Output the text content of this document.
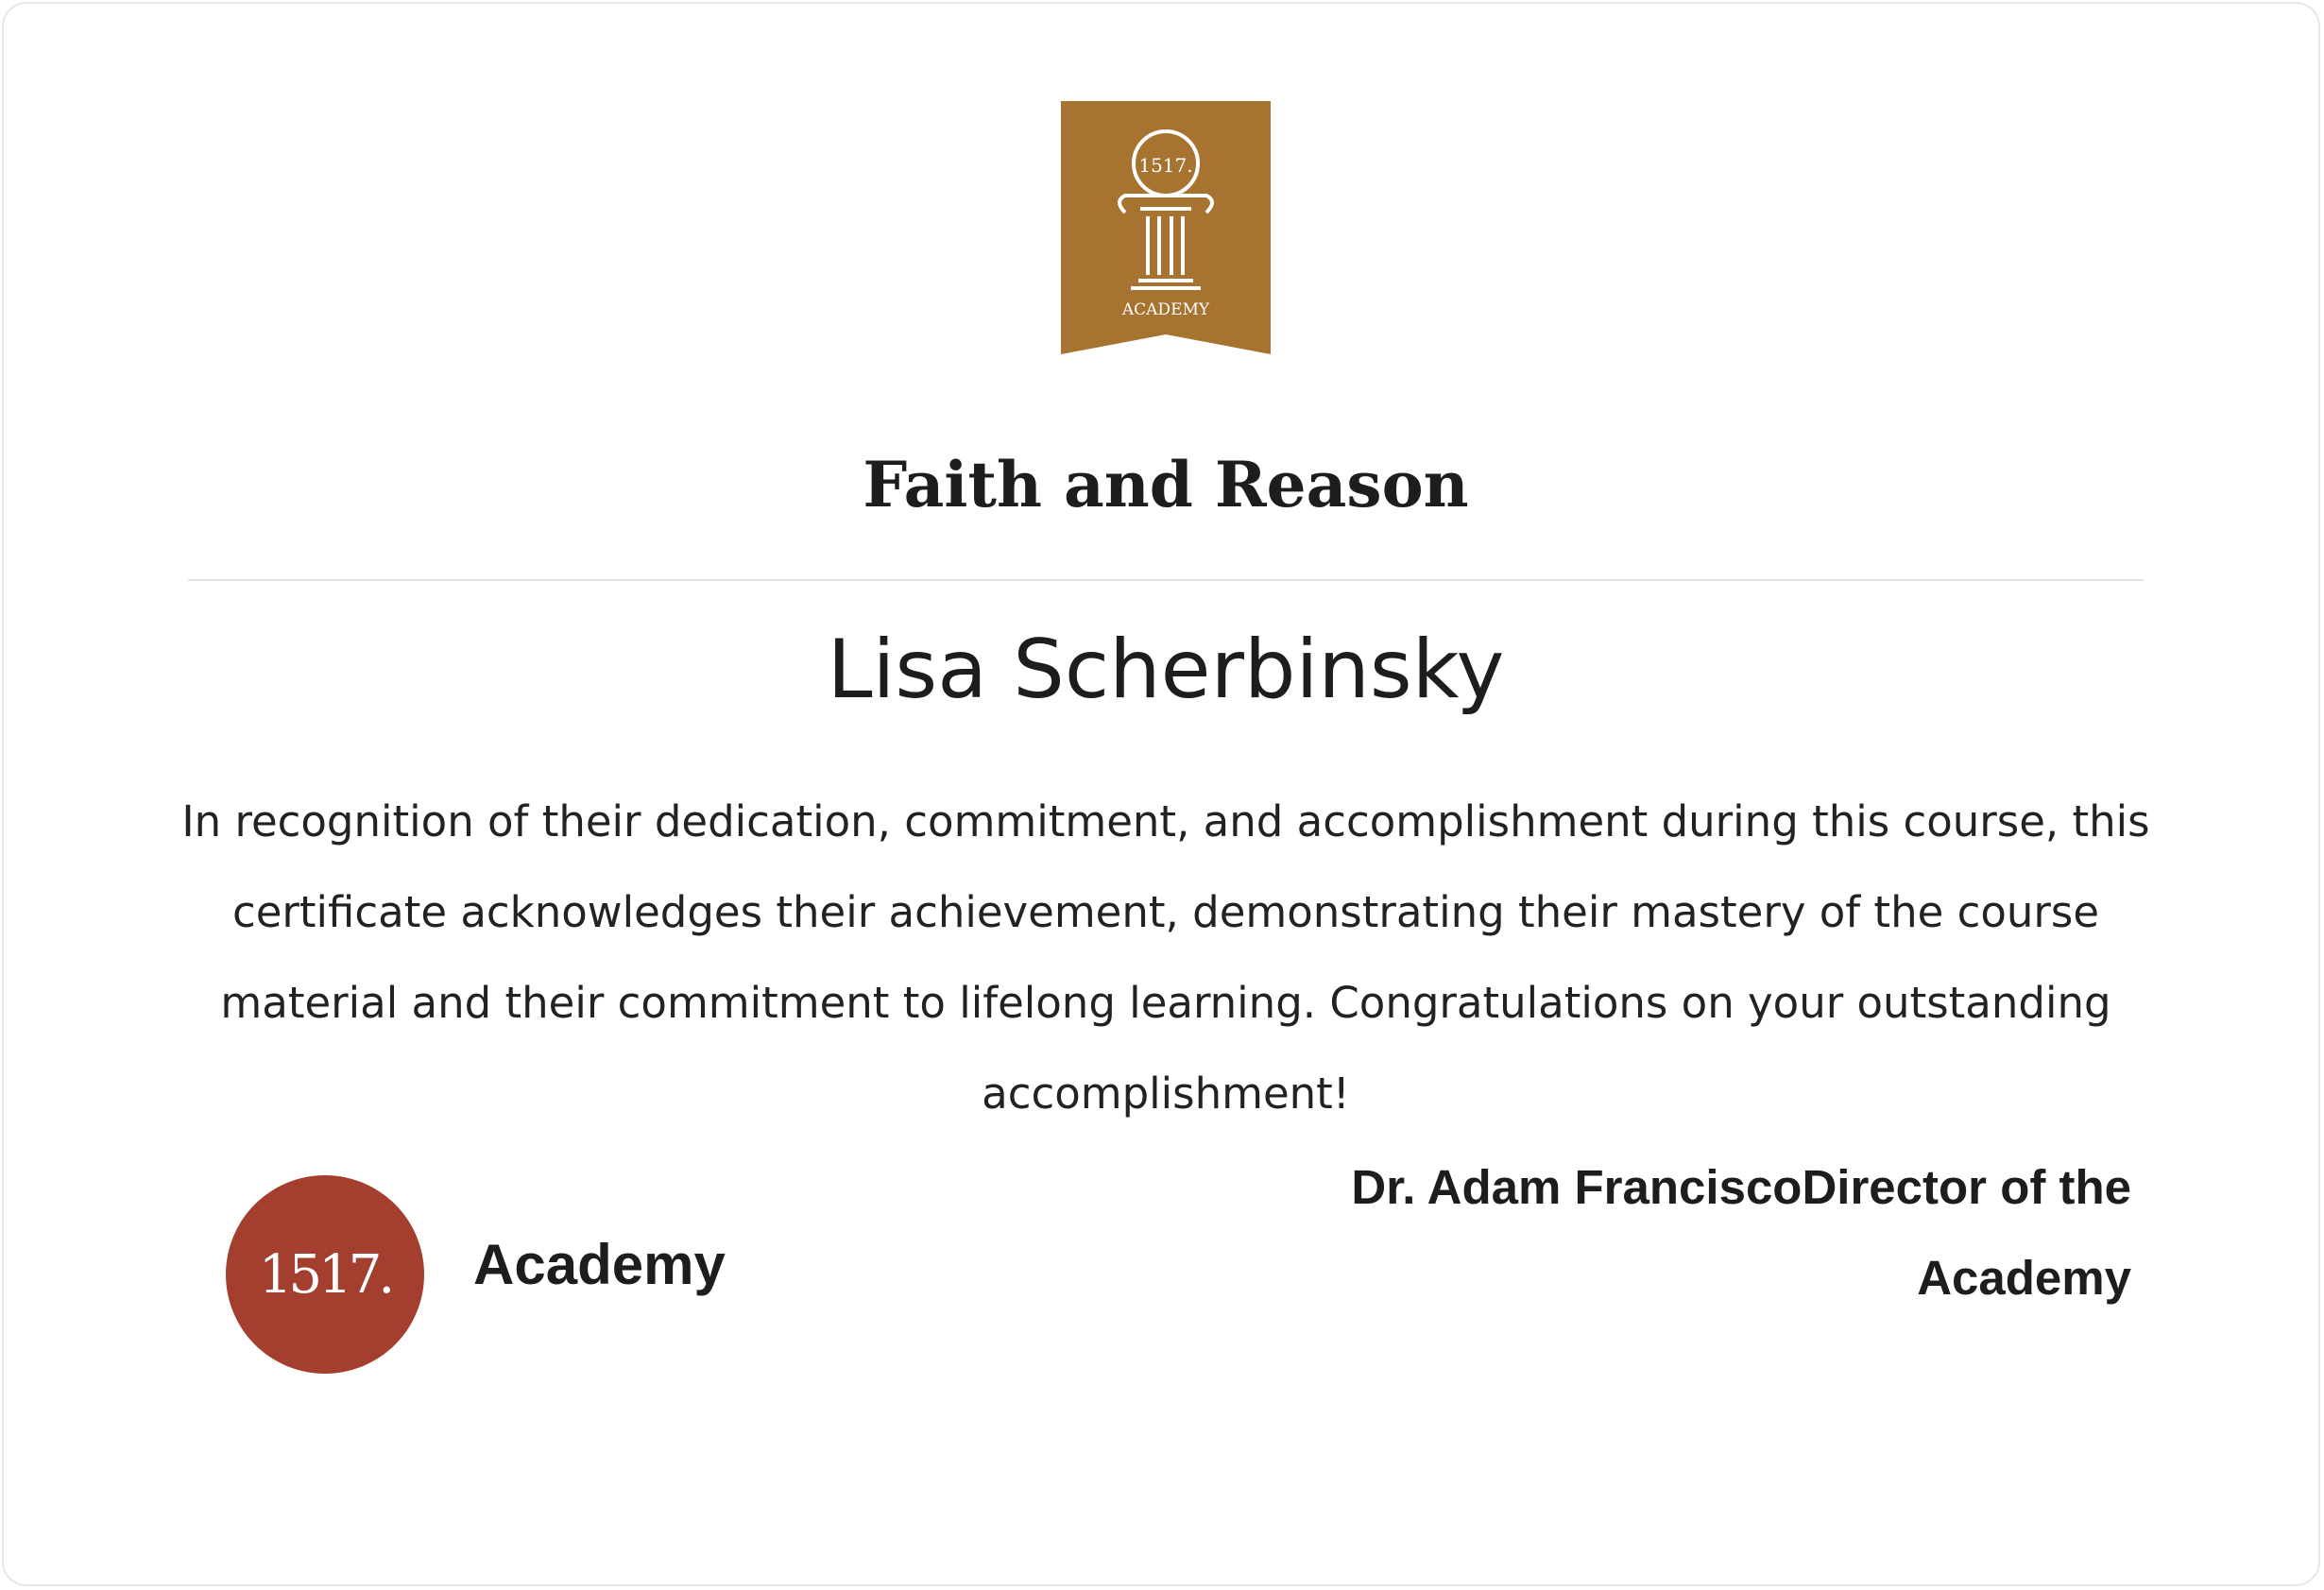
1517.
ACADEMY
Faith and Reason
Lisa Scherbinsky
In recognition of their dedication, commitment, and accomplishment during this course, this certificate acknowledges their achievement, demonstrating their mastery of the course material and their commitment to lifelong learning. Congratulations on your outstanding accomplishment!
1517. Academy
Dr. Adam FranciscoDirector of the Academy
